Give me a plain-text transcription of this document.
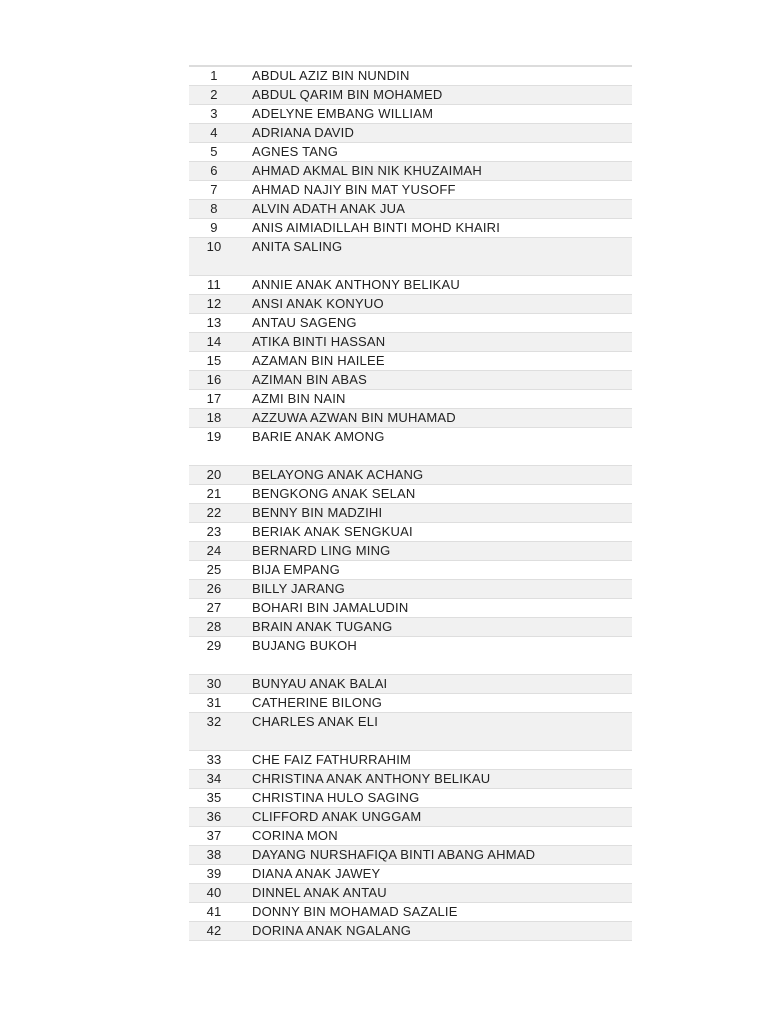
1	ABDUL AZIZ BIN NUNDIN
2	ABDUL QARIM BIN MOHAMED
3	ADELYNE EMBANG WILLIAM
4	ADRIANA DAVID
5	AGNES TANG
6	AHMAD AKMAL BIN NIK KHUZAIMAH
7	AHMAD NAJIY BIN MAT YUSOFF
8	ALVIN ADATH ANAK JUA
9	ANIS AIMIADILLAH BINTI MOHD KHAIRI
10	ANITA SALING
11	ANNIE ANAK ANTHONY BELIKAU
12	ANSI ANAK KONYUO
13	ANTAU SAGENG
14	ATIKA BINTI HASSAN
15	AZAMAN BIN HAILEE
16	AZIMAN BIN ABAS
17	AZMI BIN NAIN
18	AZZUWA AZWAN BIN MUHAMAD
19	BARIE ANAK AMONG
20	BELAYONG ANAK ACHANG
21	BENGKONG ANAK SELAN
22	BENNY BIN MADZIHI
23	BERIAK ANAK SENGKUAI
24	BERNARD LING MING
25	BIJA EMPANG
26	BILLY JARANG
27	BOHARI BIN JAMALUDIN
28	BRAIN ANAK TUGANG
29	BUJANG BUKOH
30	BUNYAU ANAK BALAI
31	CATHERINE BILONG
32	CHARLES ANAK ELI
33	CHE FAIZ FATHURRAHIM
34	CHRISTINA ANAK ANTHONY BELIKAU
35	CHRISTINA HULO SAGING
36	CLIFFORD ANAK UNGGAM
37	CORINA MON
38	DAYANG NURSHAFIQA BINTI ABANG AHMAD
39	DIANA ANAK JAWEY
40	DINNEL ANAK ANTAU
41	DONNY BIN MOHAMAD SAZALIE
42	DORINA ANAK NGALANG
